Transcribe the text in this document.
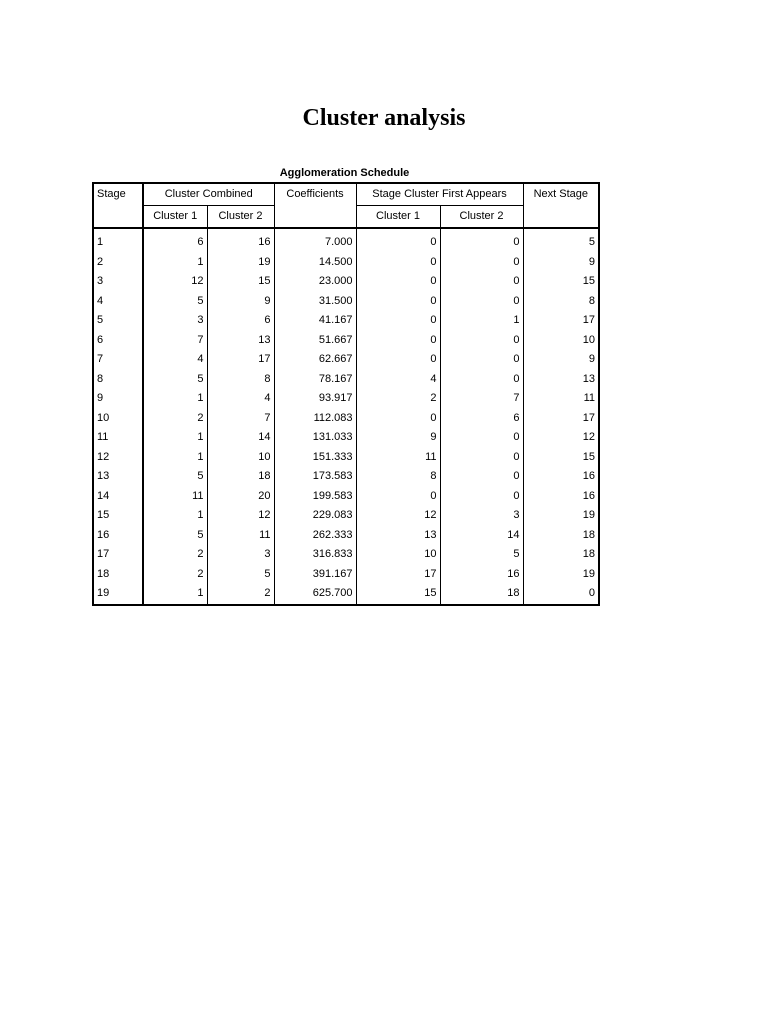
Cluster analysis
Agglomeration Schedule
Stage	Cluster Combined		Coefficients	Stage Cluster First Appears		Next Stage
	Cluster 1	Cluster 2		Cluster 1	Cluster 2	
1	6	16	7.000	0	0	5
2	1	19	14.500	0	0	9
3	12	15	23.000	0	0	15
4	5	9	31.500	0	0	8
5	3	6	41.167	0	1	17
6	7	13	51.667	0	0	10
7	4	17	62.667	0	0	9
8	5	8	78.167	4	0	13
9	1	4	93.917	2	7	11
10	2	7	112.083	0	6	17
11	1	14	131.033	9	0	12
12	1	10	151.333	11	0	15
13	5	18	173.583	8	0	16
14	11	20	199.583	0	0	16
15	1	12	229.083	12	3	19
16	5	11	262.333	13	14	18
17	2	3	316.833	10	5	18
18	2	5	391.167	17	16	19
19	1	2	625.700	15	18	0
